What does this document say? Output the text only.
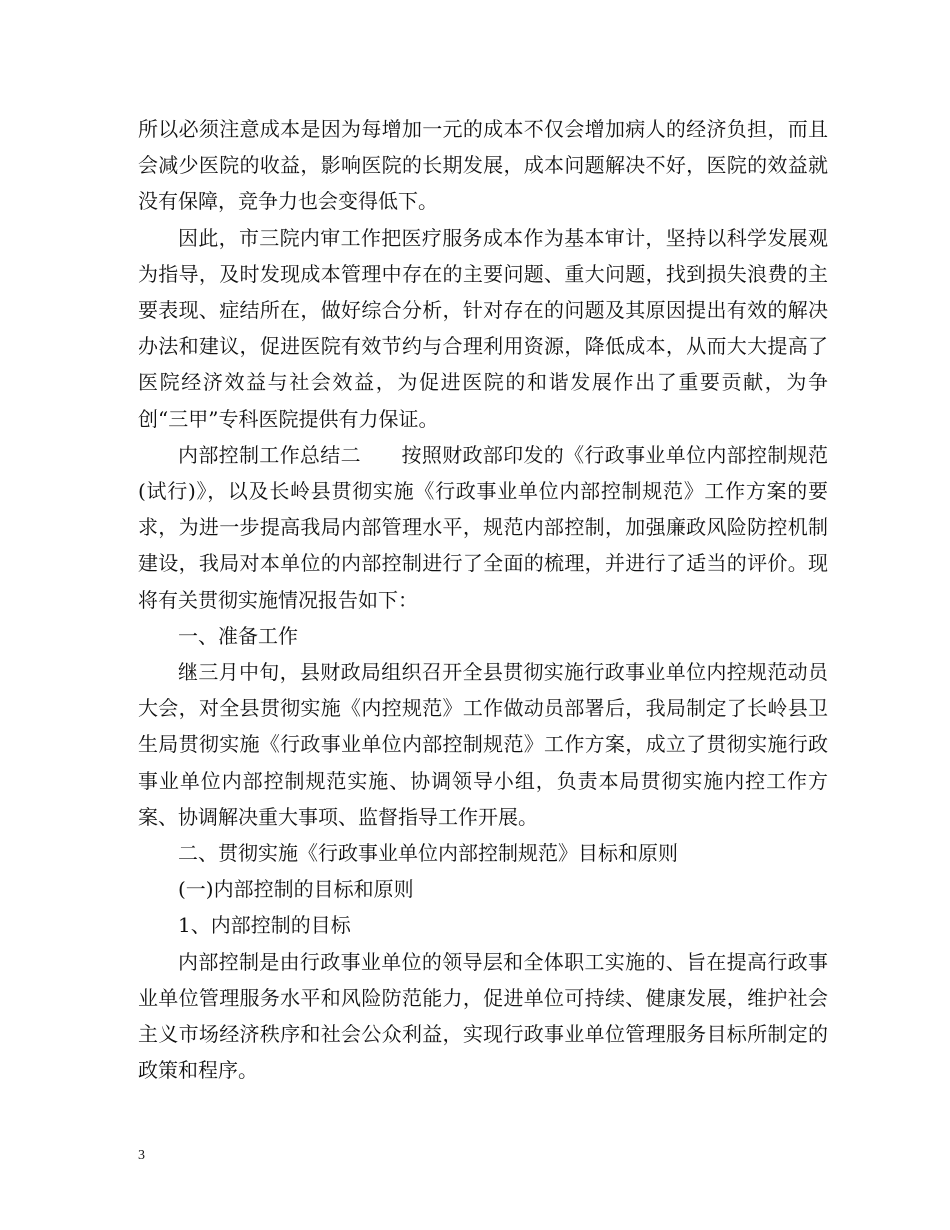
所以必须注意成本是因为每增加一元的成本不仅会增加病人的经济负担，而且会减少医院的收益，影响医院的长期发展，成本问题解决不好，医院的效益就没有保障，竞争力也会变得低下。

因此，市三院内审工作把医疗服务成本作为基本审计，坚持以科学发展观为指导，及时发现成本管理中存在的主要问题、重大问题，找到损失浪费的主要表现、症结所在，做好综合分析，针对存在的问题及其原因提出有效的解决办法和建议，促进医院有效节约与合理利用资源，降低成本，从而大大提高了医院经济效益与社会效益，为促进医院的和谐发展作出了重要贡献，为争创“三甲”专科医院提供有力保证。

内部控制工作总结二　　按照财政部印发的《行政事业单位内部控制规范(试行)》，以及长岭县贯彻实施《行政事业单位内部控制规范》工作方案的要求，为进一步提高我局内部管理水平，规范内部控制，加强廉政风险防控机制建设，我局对本单位的内部控制进行了全面的梳理，并进行了适当的评价。现将有关贯彻实施情况报告如下：

一、准备工作

继三月中旬，县财政局组织召开全县贯彻实施行政事业单位内控规范动员大会，对全县贯彻实施《内控规范》工作做动员部署后，我局制定了长岭县卫生局贯彻实施《行政事业单位内部控制规范》工作方案，成立了贯彻实施行政事业单位内部控制规范实施、协调领导小组，负责本局贯彻实施内控工作方案、协调解决重大事项、监督指导工作开展。

二、贯彻实施《行政事业单位内部控制规范》目标和原则

(一)内部控制的目标和原则

1、内部控制的目标

内部控制是由行政事业单位的领导层和全体职工实施的、旨在提高行政事业单位管理服务水平和风险防范能力，促进单位可持续、健康发展，维护社会主义市场经济秩序和社会公众利益，实现行政事业单位管理服务目标所制定的政策和程序。

3
